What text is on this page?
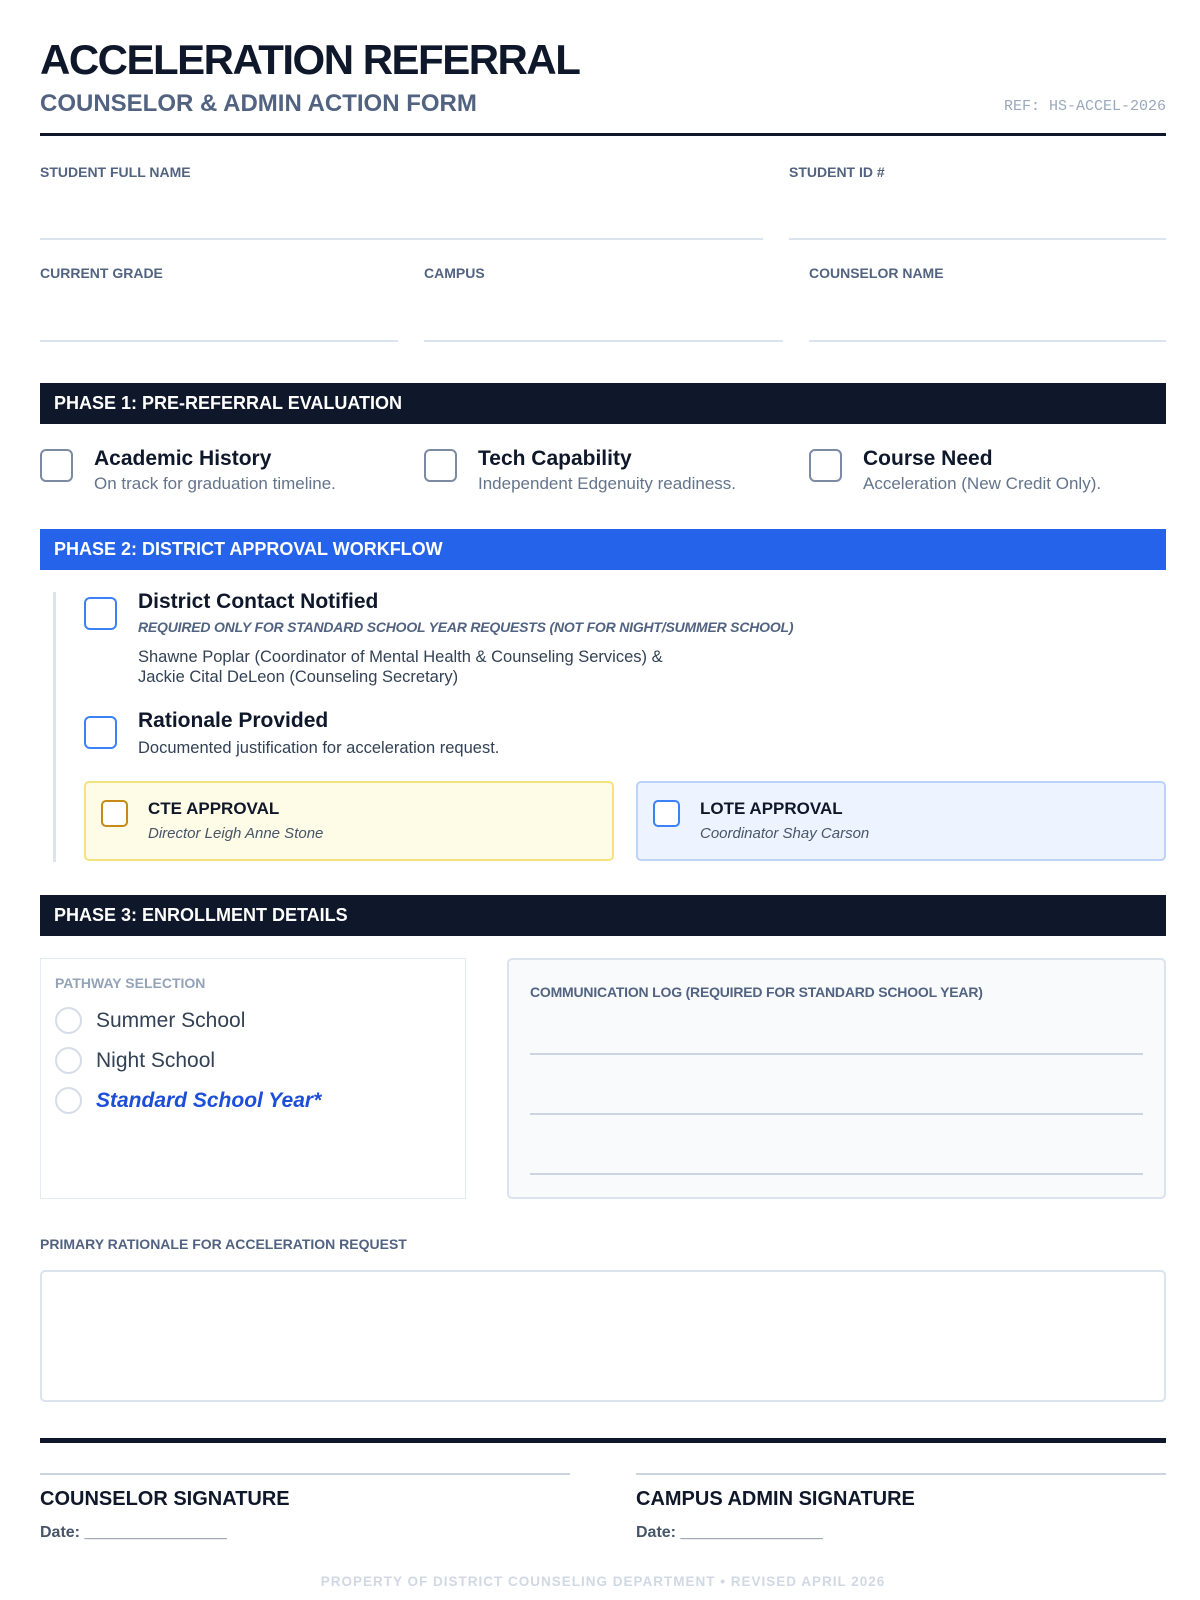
ACCELERATION REFERRAL
COUNSELOR & ADMIN ACTION FORM	REF: HS-ACCEL-2026
STUDENT FULL NAME	STUDENT ID #
CURRENT GRADE	CAMPUS	COUNSELOR NAME
PHASE 1: PRE-REFERRAL EVALUATION
Academic History
On track for graduation timeline.
Tech Capability
Independent Edgenuity readiness.
Course Need
Acceleration (New Credit Only).
PHASE 2: DISTRICT APPROVAL WORKFLOW
District Contact Notified
REQUIRED ONLY FOR STANDARD SCHOOL YEAR REQUESTS (NOT FOR NIGHT/SUMMER SCHOOL)
Shawne Poplar (Coordinator of Mental Health & Counseling Services) &
Jackie Cital DeLeon (Counseling Secretary)
Rationale Provided
Documented justification for acceleration request.
CTE APPROVAL
Director Leigh Anne Stone
LOTE APPROVAL
Coordinator Shay Carson
PHASE 3: ENROLLMENT DETAILS
PATHWAY SELECTION
Summer School
Night School
Standard School Year*
COMMUNICATION LOG (REQUIRED FOR STANDARD SCHOOL YEAR)
PRIMARY RATIONALE FOR ACCELERATION REQUEST
COUNSELOR SIGNATURE
Date: ________________
CAMPUS ADMIN SIGNATURE
Date: ________________
PROPERTY OF DISTRICT COUNSELING DEPARTMENT • REVISED APRIL 2026
